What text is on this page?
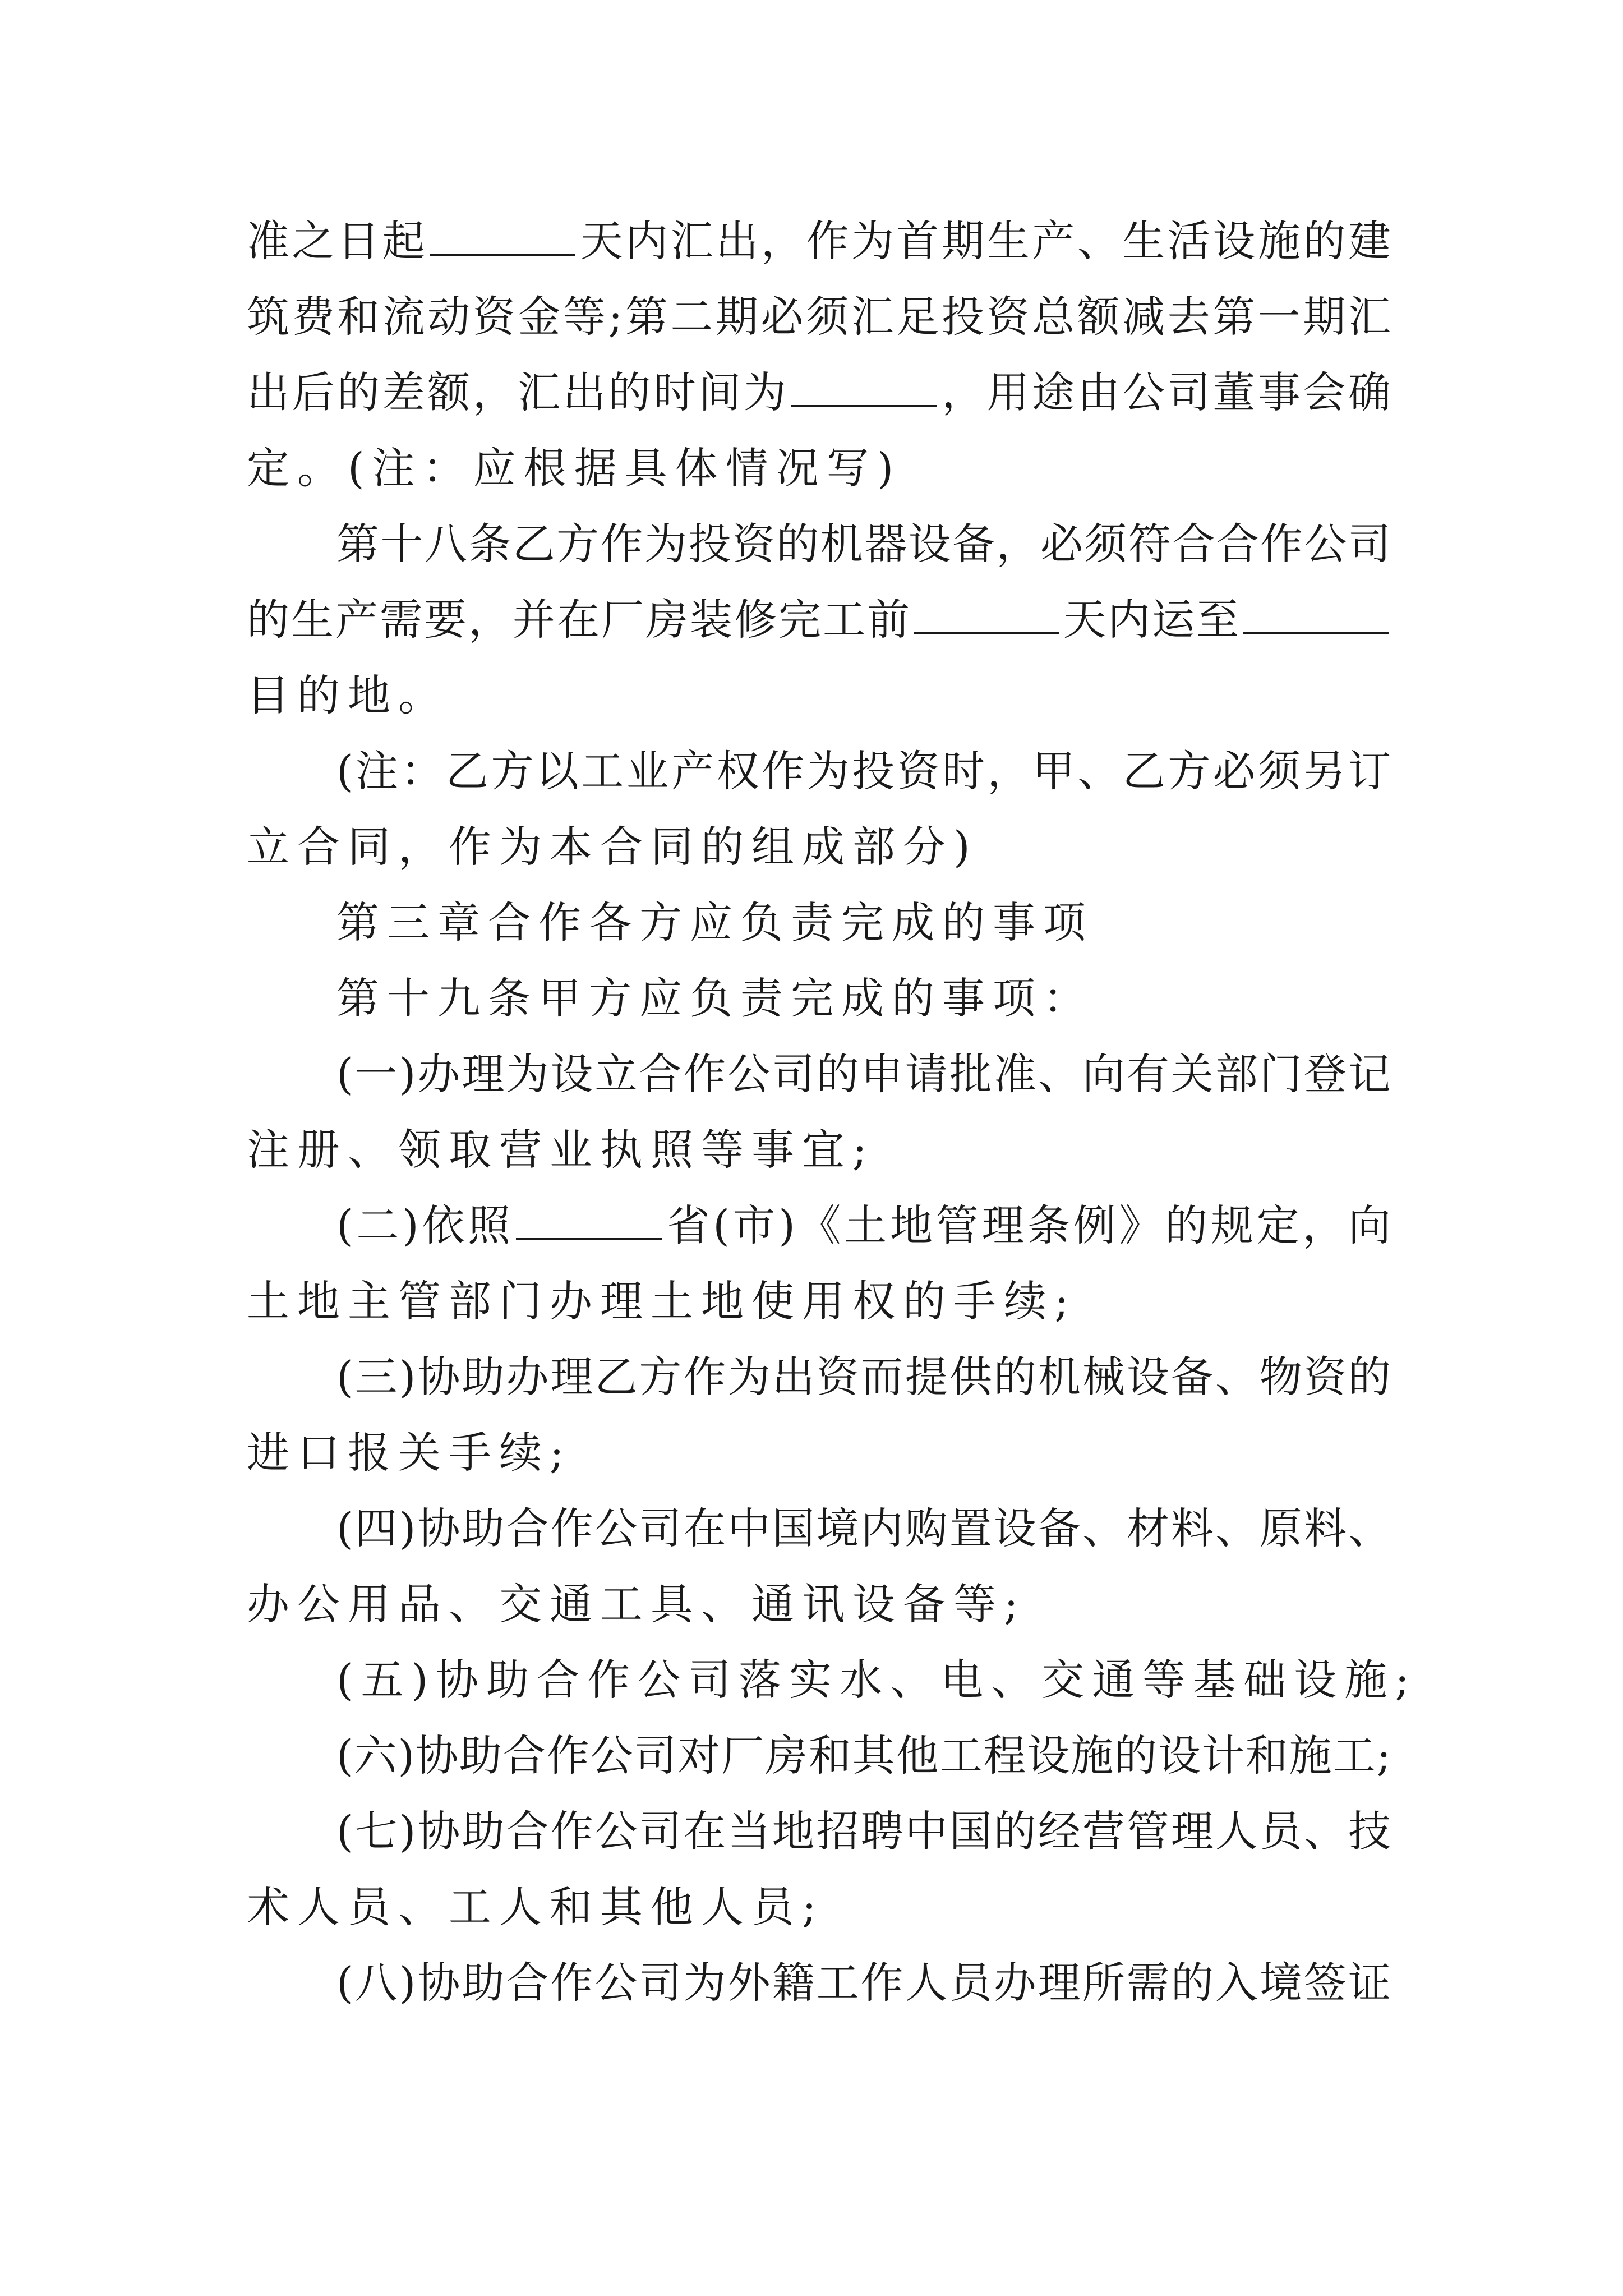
准之日起	天内汇出，作为首期生产、生活设施的建
筑费和流动资金等;第二期必须汇足投资总额减去第一期汇
出后的差额，汇出的时间为	，用途由公司董事会确
定。(注：应根据具体情况写)
第十八条乙方作为投资的机器设备，必须符合合作公司
的生产需要，并在厂房装修完工前	天内运至
目的地。
(注：乙方以工业产权作为投资时，甲、乙方必须另订
立合同，作为本合同的组成部分)
第三章合作各方应负责完成的事项
第十九条甲方应负责完成的事项：
(一)办理为设立合作公司的申请批准、向有关部门登记
注册、领取营业执照等事宜;
(二)依照	省(市)《土地管理条例》的规定，向
土地主管部门办理土地使用权的手续;
(三)协助办理乙方作为出资而提供的机械设备、物资的
进口报关手续;
(四)协助合作公司在中国境内购置设备、材料、原料、
办公用品、交通工具、通讯设备等;
(五)协助合作公司落实水、电、交通等基础设施;
(六)协助合作公司对厂房和其他工程设施的设计和施工;
(七)协助合作公司在当地招聘中国的经营管理人员、技
术人员、工人和其他人员;
(八)协助合作公司为外籍工作人员办理所需的入境签证
